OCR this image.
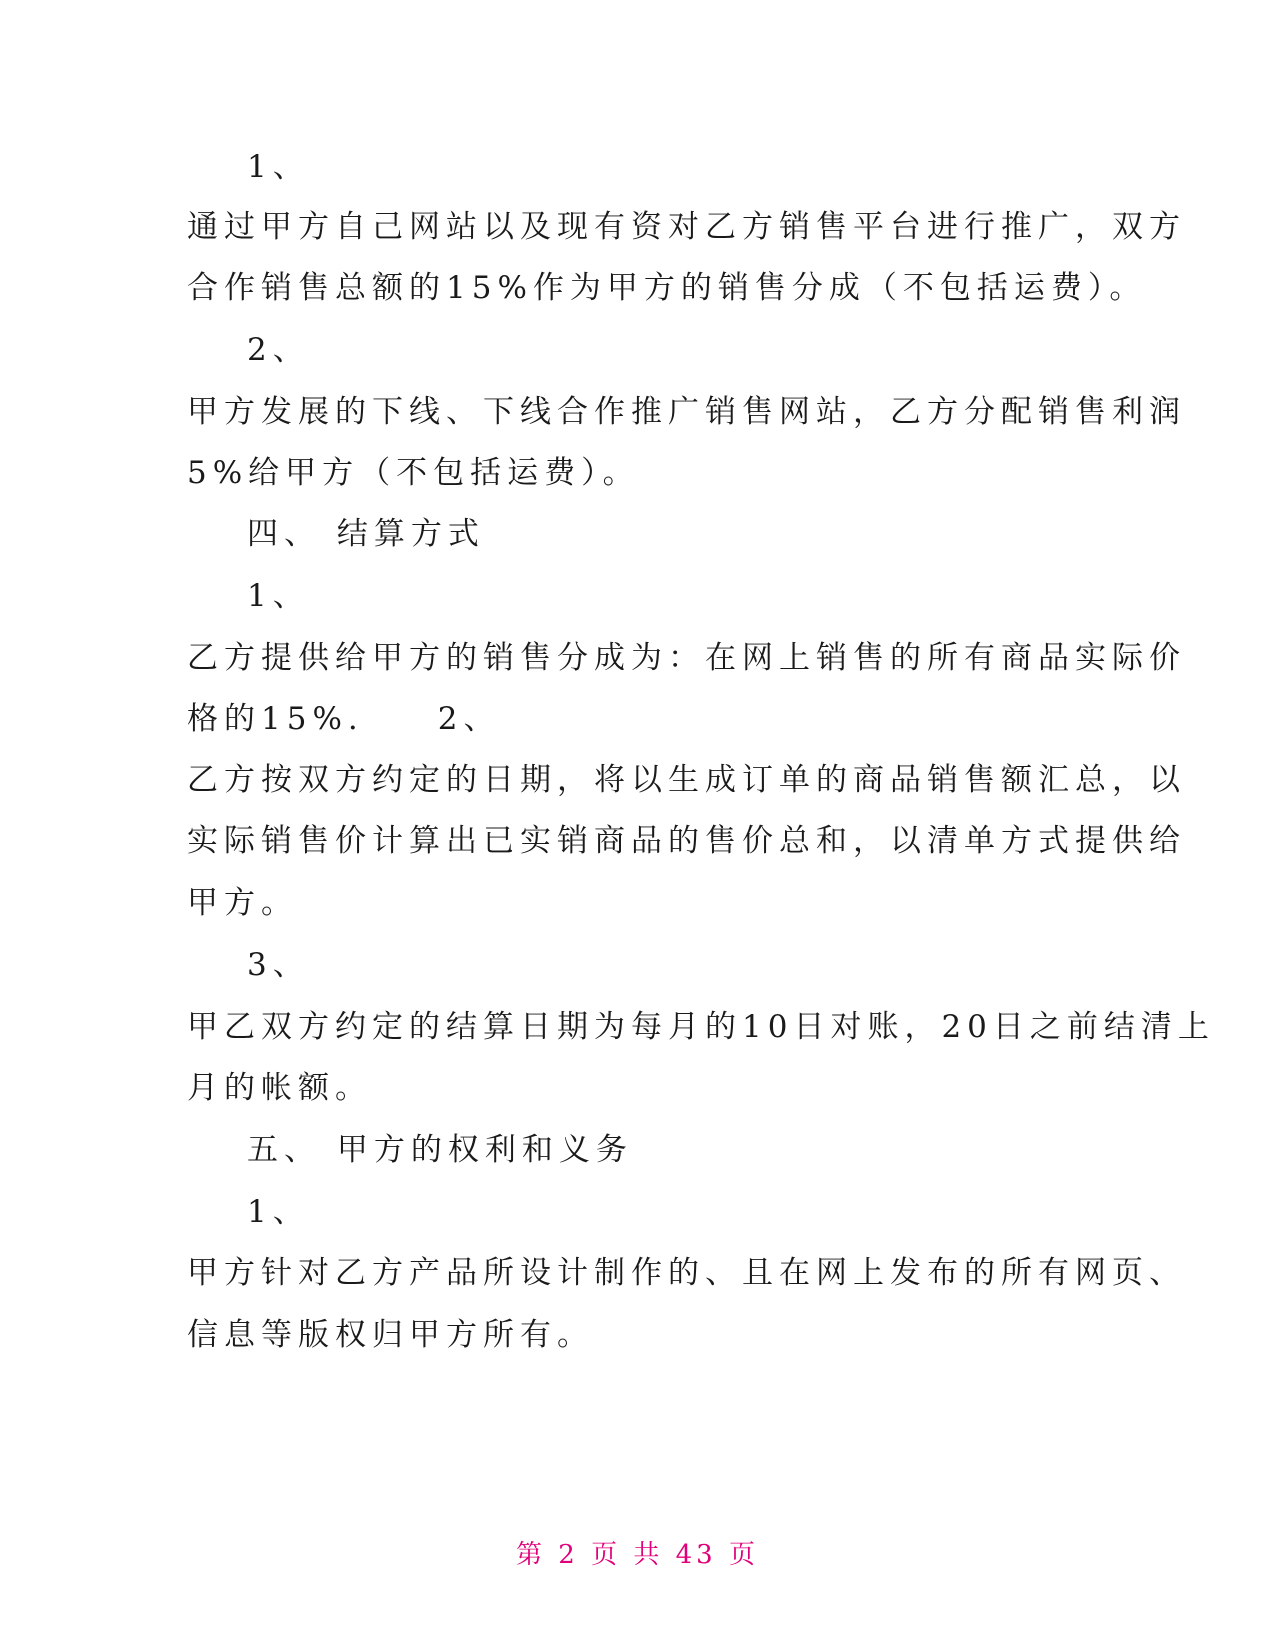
1、
通过甲方自己网站以及现有资对乙方销售平台进行推广，双方
合作销售总额的15%作为甲方的销售分成（不包括运费）。
2、
甲方发展的下线、下线合作推广销售网站，乙方分配销售利润
5%给甲方（不包括运费）。
四、 结算方式
1、
乙方提供给甲方的销售分成为：在网上销售的所有商品实际价
格的15%.　　2、
乙方按双方约定的日期，将以生成订单的商品销售额汇总，以
实际销售价计算出已实销商品的售价总和，以清单方式提供给
甲方。
3、
甲乙双方约定的结算日期为每月的10日对账，20日之前结清上
月的帐额。
五、 甲方的权利和义务
1、
甲方针对乙方产品所设计制作的、且在网上发布的所有网页、
信息等版权归甲方所有。
第 2 页 共 43 页
